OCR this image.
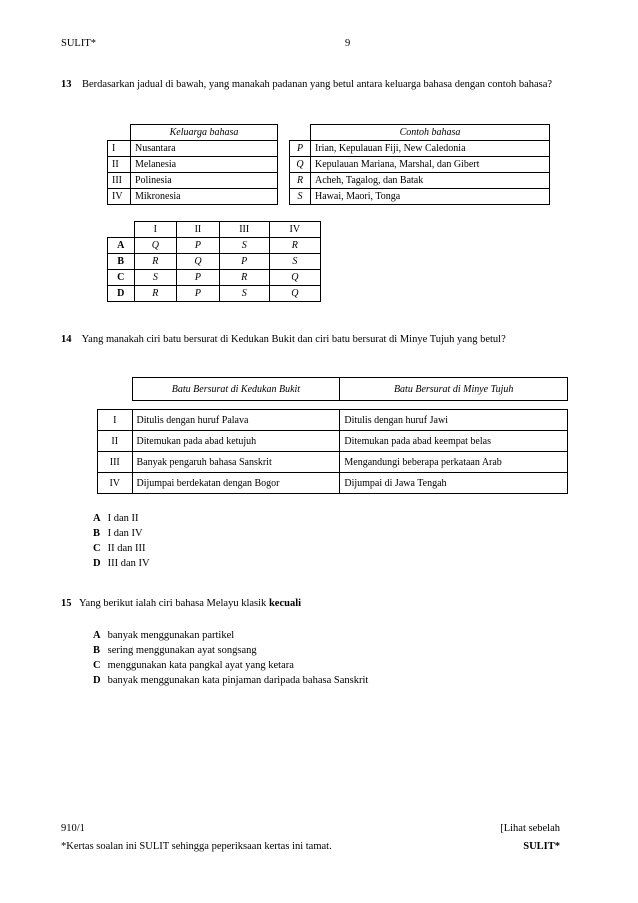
SULIT*	9
13 Berdasarkan jadual di bawah, yang manakah padanan yang betul antara keluarga bahasa dengan contoh bahasa?
	Keluarga bahasa
I	Nusantara
II	Melanesia
III	Polinesia
IV	Mikronesia
	Contoh bahasa
P	Irian, Kepulauan Fiji, New Caledonia
Q	Kepulauan Mariana, Marshal, dan Gibert
R	Acheh, Tagalog, dan Batak
S	Hawai, Maori, Tonga
	I	II	III	IV
A	Q	P	S	R
B	R	Q	P	S
C	S	P	R	Q
D	R	P	S	Q
14 Yang manakah ciri batu bersurat di Kedukan Bukit dan ciri batu bersurat di Minye Tujuh yang betul?
	Batu Bersurat di Kedukan Bukit	Batu Bersurat di Minye Tujuh

I	Ditulis dengan huruf Palava	Ditulis dengan huruf Jawi
II	Ditemukan pada abad ketujuh	Ditemukan pada abad keempat belas
III	Banyak pengaruh bahasa Sanskrit	Mengandungi beberapa perkataan Arab
IV	Dijumpai berdekatan dengan Bogor	Dijumpai di Jawa Tengah
A I dan II
B I dan IV
C II dan III
D III dan IV
15 Yang berikut ialah ciri bahasa Melayu klasik kecuali
A banyak menggunakan partikel
B sering menggunakan ayat songsang
C menggunakan kata pangkal ayat yang ketara
D banyak menggunakan kata pinjaman daripada bahasa Sanskrit
910/1	[Lihat sebelah
*Kertas soalan ini SULIT sehingga peperiksaan kertas ini tamat.	SULIT*
